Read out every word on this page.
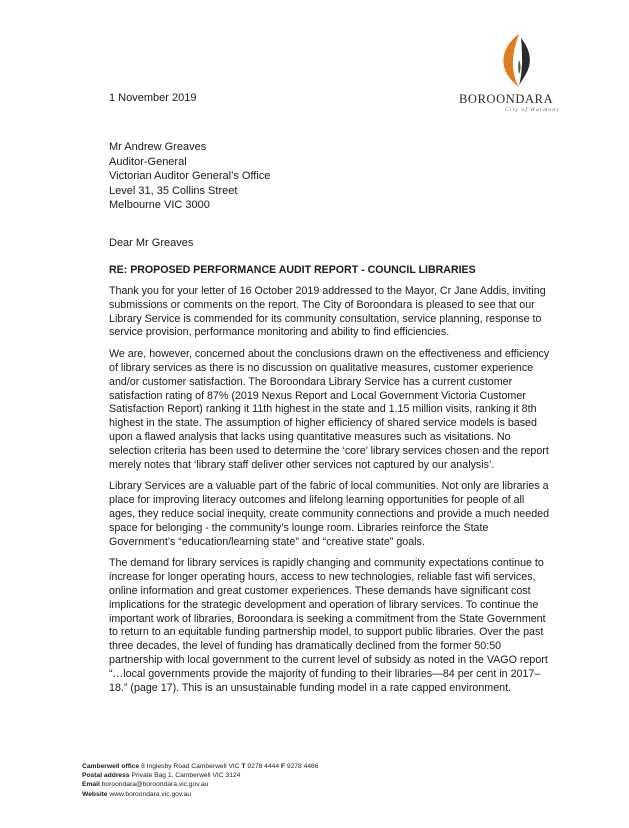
BOROONDARA
City of Harmony
1 November 2019
Mr Andrew Greaves
Auditor-General
Victorian Auditor General’s Office
Level 31, 35 Collins Street
Melbourne VIC 3000
Dear Mr Greaves
RE: PROPOSED PERFORMANCE AUDIT REPORT - COUNCIL LIBRARIES

Thank you for your letter of 16 October 2019 addressed to the Mayor, Cr Jane Addis, inviting submissions or comments on the report. The City of Boroondara is pleased to see that our Library Service is commended for its community consultation, service planning, response to service provision, performance monitoring and ability to find efficiencies.

We are, however, concerned about the conclusions drawn on the effectiveness and efficiency of library services as there is no discussion on qualitative measures, customer experience and/or customer satisfaction. The Boroondara Library Service has a current customer satisfaction rating of 87% (2019 Nexus Report and Local Government Victoria Customer Satisfaction Report) ranking it 11th highest in the state and 1.15 million visits, ranking it 8th highest in the state. The assumption of higher efficiency of shared service models is based upon a flawed analysis that lacks using quantitative measures such as visitations. No selection criteria has been used to determine the ‘core’ library services chosen and the report merely notes that ‘library staff deliver other services not captured by our analysis’.

Library Services are a valuable part of the fabric of local communities. Not only are libraries a place for improving literacy outcomes and lifelong learning opportunities for people of all ages, they reduce social inequity, create community connections and provide a much needed space for belonging - the community’s lounge room. Libraries reinforce the State Government’s “education/learning state” and “creative state” goals.

The demand for library services is rapidly changing and community expectations continue to increase for longer operating hours, access to new technologies, reliable fast wifi services, online information and great customer experiences. These demands have significant cost implications for the strategic development and operation of library services. To continue the important work of libraries, Boroondara is seeking a commitment from the State Government to return to an equitable funding partnership model, to support public libraries. Over the past three decades, the level of funding has dramatically declined from the former 50:50 partnership with local government to the current level of subsidy as noted in the VAGO report “…local governments provide the majority of funding to their libraries—84 per cent in 2017–18.” (page 17). This is an unsustainable funding model in a rate capped environment.

Camberwell office 8 Inglesby Road Camberwell VIC T 9278 4444 F 9278 4466
Postal address Private Bag 1, Camberwell VIC 3124
Email boroondara@boroondara.vic.gov.au
Website www.boroondara.vic.gov.au
